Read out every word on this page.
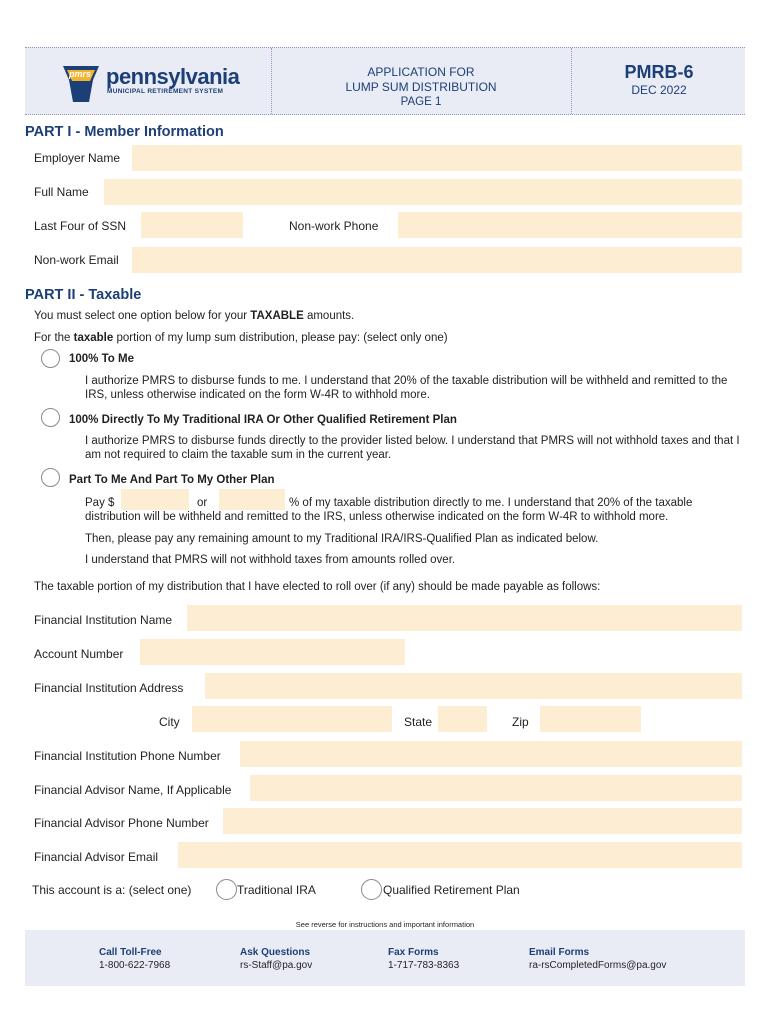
pmrs pennsylvania
MUNICIPAL RETIREMENT SYSTEM
APPLICATION FOR
LUMP SUM DISTRIBUTION
PAGE 1
PMRB-6
DEC 2022
PART I - Member Information
Employer Name
Full Name
Last Four of SSN	Non-work Phone
Non-work Email
PART II - Taxable
You must select one option below for your TAXABLE amounts.
For the taxable portion of my lump sum distribution, please pay: (select only one)
100% To Me
I authorize PMRS to disburse funds to me. I understand that 20% of the taxable distribution will be withheld and remitted to the IRS, unless otherwise indicated on the form W-4R to withhold more.
100% Directly To My Traditional IRA Or Other Qualified Retirement Plan
I authorize PMRS to disburse funds directly to the provider listed below. I understand that PMRS will not withhold taxes and that I am not required to claim the taxable sum in the current year.
Part To Me And Part To My Other Plan
Pay $	or	% of my taxable distribution directly to me. I understand that 20% of the taxable
distribution will be withheld and remitted to the IRS, unless otherwise indicated on the form W-4R to withhold more.
Then, please pay any remaining amount to my Traditional IRA/IRS-Qualified Plan as indicated below.
I understand that PMRS will not withhold taxes from amounts rolled over.
The taxable portion of my distribution that I have elected to roll over (if any) should be made payable as follows:
Financial Institution Name
Account Number
Financial Institution Address
City	State	Zip
Financial Institution Phone Number
Financial Advisor Name, If Applicable
Financial Advisor Phone Number
Financial Advisor Email
This account is a: (select one)	Traditional IRA	Qualified Retirement Plan
See reverse for instructions and important information
Call Toll-Free
1-800-622-7968
Ask Questions
rs-Staff@pa.gov
Fax Forms
1-717-783-8363
Email Forms
ra-rsCompletedForms@pa.gov
